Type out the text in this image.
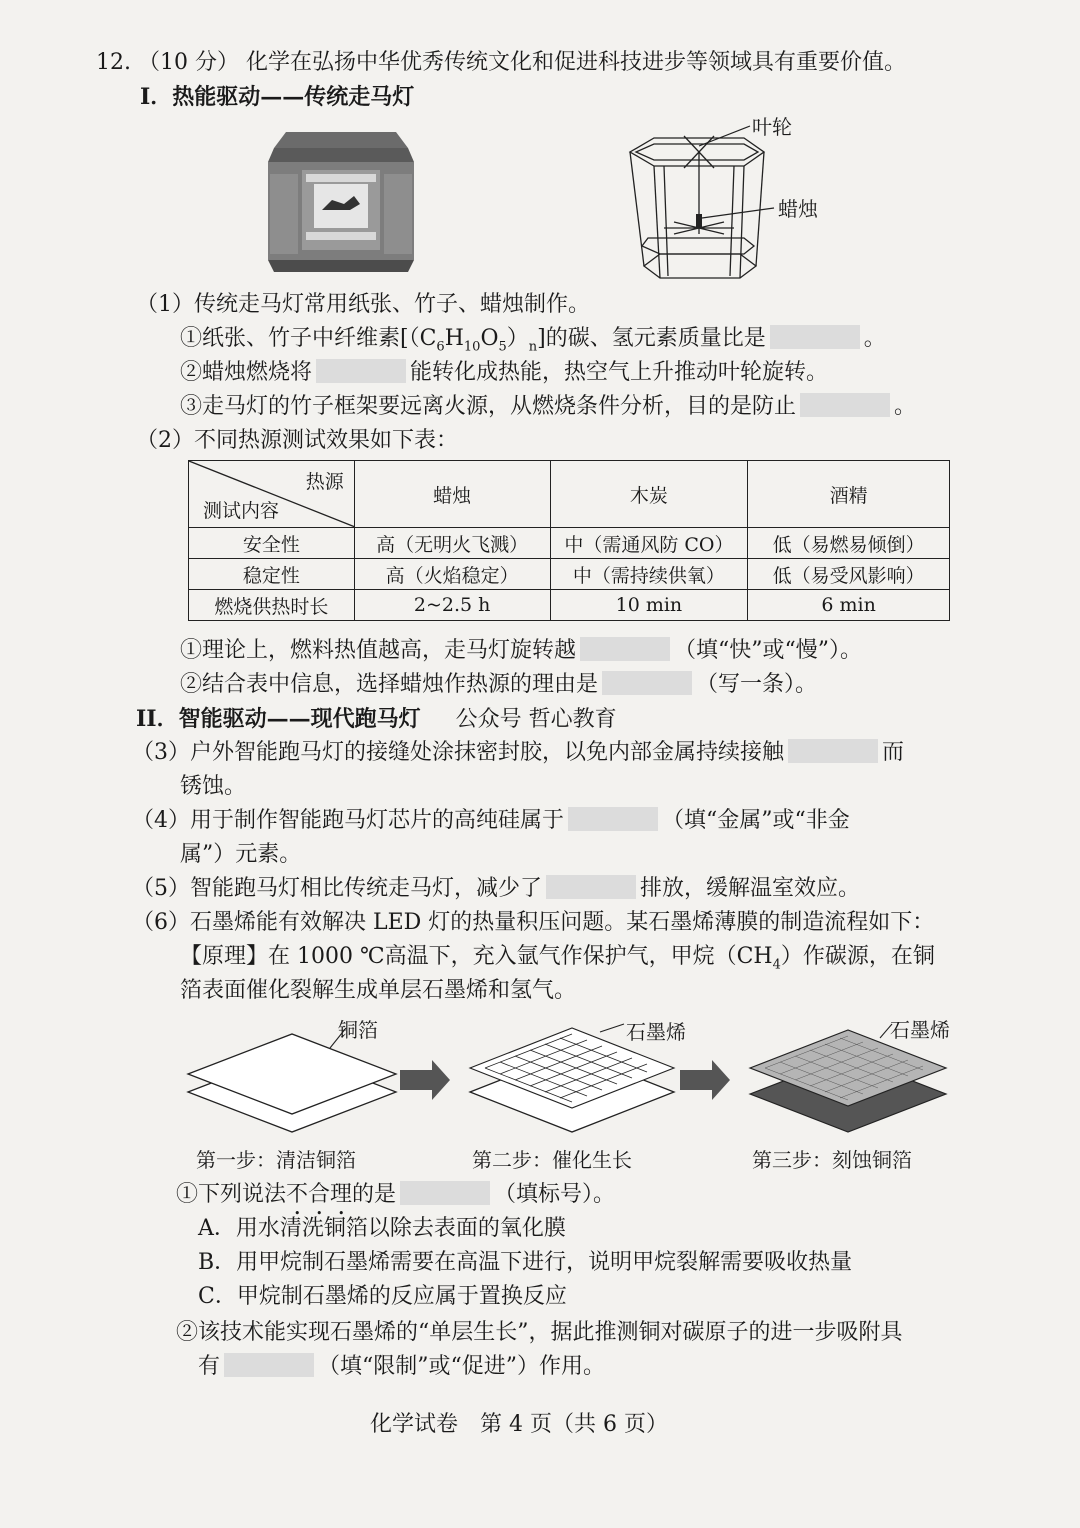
12. （10 分） 化学在弘扬中华优秀传统文化和促进科技进步等领域具有重要价值。
I．热能驱动——传统走马灯
叶轮
蜡烛
（1）传统走马灯常用纸张、竹子、蜡烛制作。
①纸张、竹子中纤维素$[(C_6H_{10}O_5)_n]$的碳、氢元素质量比是	。
②蜡烛燃烧将	能转化成热能，热空气上升推动叶轮旋转。
③走马灯的竹子框架要远离火源，从燃烧条件分析，目的是防止	。
（2）不同热源测试效果如下表：
热源
测试内容	蜡烛	木炭	酒精
安全性	高（无明火飞溅）	中（需通风防 CO）	低（易燃易倾倒）
稳定性	高（火焰稳定）	中（需持续供氧）	低（易受风影响）
燃烧供热时长	2~2.5 h	10 min	6 min
①理论上，燃料热值越高，走马灯旋转越	（填“快”或“慢”）。
②结合表中信息，选择蜡烛作热源的理由是	（写一条）。
II．智能驱动——现代跑马灯 公众号 哲心教育
（3）户外智能跑马灯的接缝处涂抹密封胶，以免内部金属持续接触	而
锈蚀。
（4）用于制作智能跑马灯芯片的高纯硅属于	（填“金属”或“非金
属”）元素。
（5）智能跑马灯相比传统走马灯，减少了	排放，缓解温室效应。
（6）石墨烯能有效解决 LED 灯的热量积压问题。某石墨烯薄膜的制造流程如下：
【原理】在 1000 ℃高温下，充入氩气作保护气，甲烷$(CH_4)$作碳源，在铜
箔表面催化裂解生成单层石墨烯和氢气。
铜箔	石墨烯	石墨烯
第一步：清洁铜箔	第二步：催化生长	第三步：刻蚀铜箔
①下列说法不合理的是	（填标号）。
A．用水清洗铜箔以除去表面的氧化膜
B．用甲烷制石墨烯需要在高温下进行，说明甲烷裂解需要吸收热量
C．甲烷制石墨烯的反应属于置换反应
②该技术能实现石墨烯的“单层生长”，据此推测铜对碳原子的进一步吸附具
有	（填“限制”或“促进”）作用。
化学试卷　第 4 页（共 6 页）
